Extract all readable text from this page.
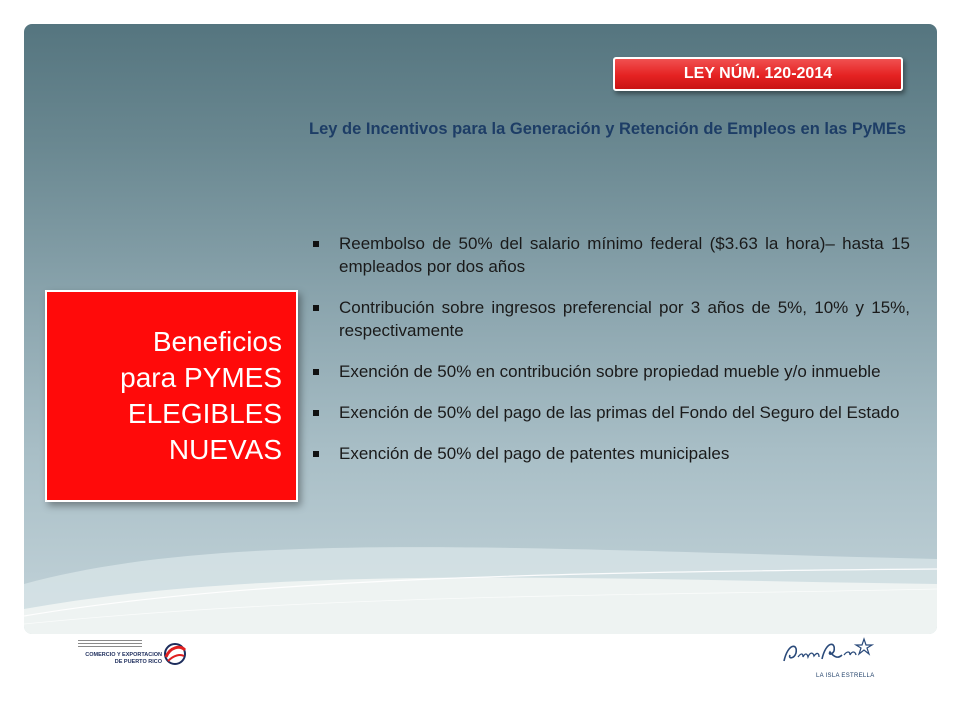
LEY NÚM. 120-2014
Ley de Incentivos para la Generación y Retención de Empleos en las PyMEs
Beneficios
para PYMES
ELEGIBLES
NUEVAS
Reembolso de 50% del salario mínimo federal ($3.63 la hora)– hasta 15 empleados por dos años
Contribución sobre ingresos preferencial por 3 años de 5%, 10% y 15%, respectivamente
Exención de 50% en contribución sobre propiedad mueble y/o inmueble
Exención de 50% del pago de las primas del Fondo del Seguro del Estado
Exención de 50% del pago de patentes municipales
COMERCIO Y EXPORTACION
DE PUERTO RICO
LA ISLA ESTRELLA
